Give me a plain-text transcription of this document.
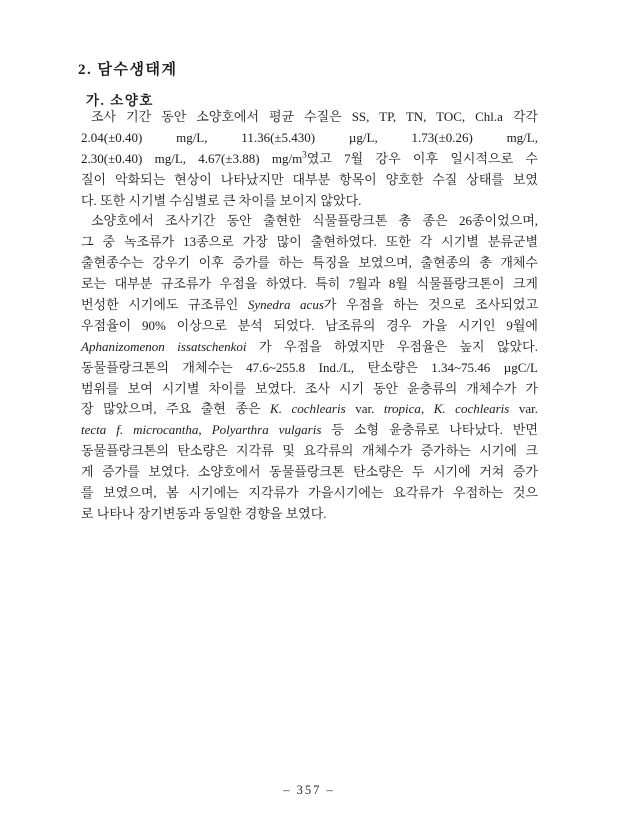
2. 담수생태계
가. 소양호
조사 기간 동안 소양호에서 평균 수질은 SS, TP, TN, TOC, Chl.a 각각
2.04(±0.40) mg/L, 11.36(±5.430) µg/L, 1.73(±0.26) mg/L,
2.30(±0.40) mg/L, 4.67(±3.88) $mg/m^3$였고 7월 강우 이후 일시적으로 수
질이 악화되는 현상이 나타났지만 대부분 항목이 양호한 수질 상태를 보였
다. 또한 시기별 수심별로 큰 차이를 보이지 않았다.
소양호에서 조사기간 동안 출현한 식물플랑크톤 총 종은 26종이었으며,
그 중 녹조류가 13종으로 가장 많이 출현하였다. 또한 각 시기별 분류군별
출현종수는 강우기 이후 증가를 하는 특징을 보였으며, 출현종의 총 개체수
로는 대부분 규조류가 우점을 하였다. 특히 7월과 8월 식물플랑크톤이 크게
번성한 시기에도 규조류인 Synedra acus가 우점을 하는 것으로 조사되었고
우점율이 90% 이상으로 분석 되었다. 남조류의 경우 가을 시기인 9월에
Aphanizomenon issatschenkoi 가 우점을 하였지만 우점율은 높지 않았다.
동물플랑크톤의 개체수는 47.6~255.8 Ind./L, 탄소량은 1.34~75.46 µgC/L
범위를 보여 시기별 차이를 보였다. 조사 시기 동안 윤충류의 개체수가 가
장 많았으며, 주요 출현 종은 K. cochlearis var. tropica, K. cochlearis var.
tecta f. microcantha, Polyarthra vulgaris 등 소형 윤충류로 나타났다. 반면
동물플랑크톤의 탄소량은 지각류 및 요각류의 개체수가 증가하는 시기에 크
게 증가를 보였다. 소양호에서 동물플랑크톤 탄소량은 두 시기에 거쳐 증가
를 보였으며, 봄 시기에는 지각류가 가을시기에는 요각류가 우점하는 것으
로 나타나 장기변동과 동일한 경향을 보였다.
– 357 –
